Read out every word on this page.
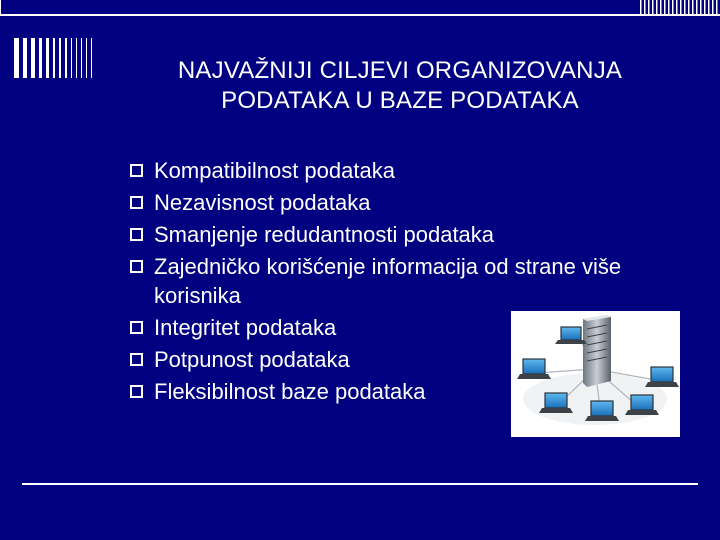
NAJVAŽNIJI CILJEVI ORGANIZOVANJA
PODATAKA U BAZE PODATAKA
Kompatibilnost podataka
Nezavisnost podataka
Smanjenje redudantnosti podataka
Zajedničko korišćenje informacija od strane više korisnika
Integritet podataka
Potpunost podataka
Fleksibilnost baze podataka
